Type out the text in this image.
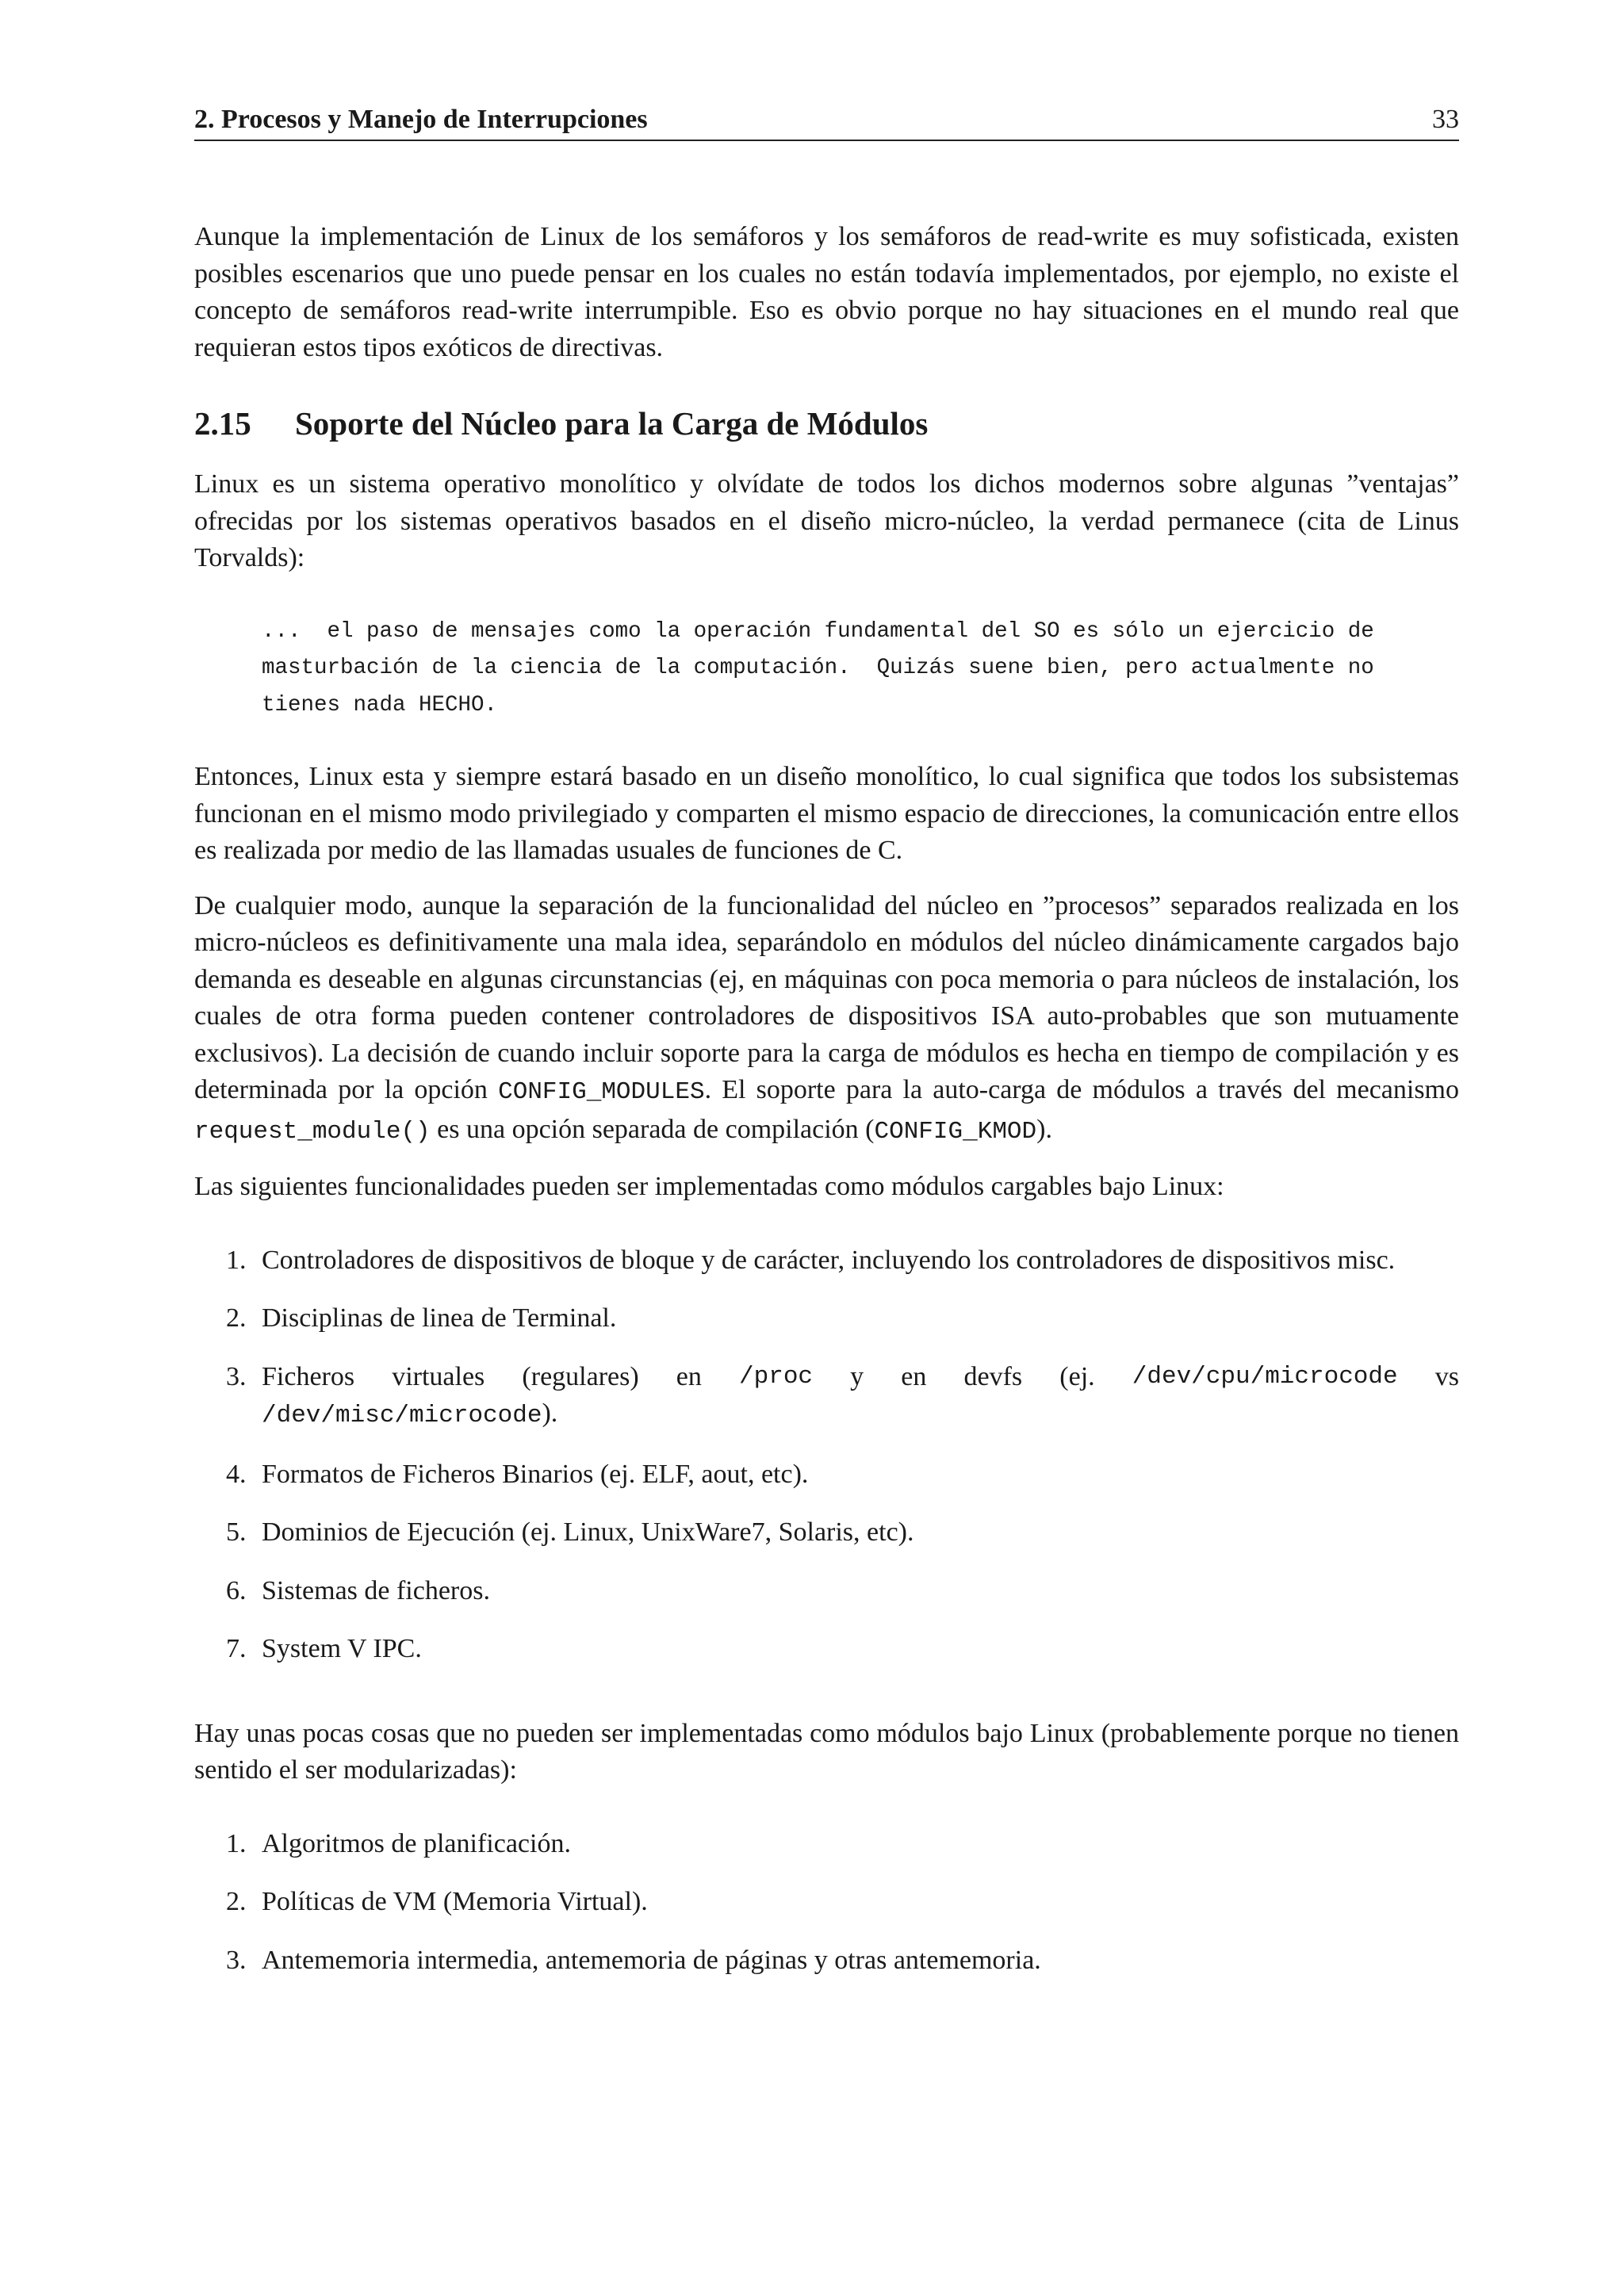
2. Procesos y Manejo de Interrupciones	33

Aunque la implementación de Linux de los semáforos y los semáforos de read-write es muy sofisticada, existen posibles escenarios que uno puede pensar en los cuales no están todavía implementados, por ejemplo, no existe el concepto de semáforos read-write interrumpible. Eso es obvio porque no hay situaciones en el mundo real que requieran estos tipos exóticos de directivas.

2.15 Soporte del Núcleo para la Carga de Módulos

Linux es un sistema operativo monolítico y olvídate de todos los dichos modernos sobre algunas ”ventajas” ofrecidas por los sistemas operativos basados en el diseño micro-núcleo, la verdad permanece (cita de Linus Torvalds):

...  el paso de mensajes como la operación fundamental del SO es sólo un ejercicio de
masturbación de la ciencia de la computación.  Quizás suene bien, pero actualmente no
tienes nada HECHO.

Entonces, Linux esta y siempre estará basado en un diseño monolítico, lo cual significa que todos los subsistemas funcionan en el mismo modo privilegiado y comparten el mismo espacio de direcciones, la comunicación entre ellos es realizada por medio de las llamadas usuales de funciones de C.

De cualquier modo, aunque la separación de la funcionalidad del núcleo en ”procesos” separados realizada en los micro-núcleos es definitivamente una mala idea, separándolo en módulos del núcleo dinámicamente cargados bajo demanda es deseable en algunas circunstancias (ej, en máquinas con poca memoria o para núcleos de instalación, los cuales de otra forma pueden contener controladores de dispositivos ISA auto-probables que son mutuamente exclusivos). La decisión de cuando incluir soporte para la carga de módulos es hecha en tiempo de compilación y es determinada por la opción CONFIG_MODULES. El soporte para la auto-carga de módulos a través del mecanismo request_module() es una opción separada de compilación (CONFIG_KMOD).

Las siguientes funcionalidades pueden ser implementadas como módulos cargables bajo Linux:

1. Controladores de dispositivos de bloque y de carácter, incluyendo los controladores de dispositivos misc.
2. Disciplinas de linea de Terminal.
3. Ficheros virtuales (regulares) en /proc y en devfs (ej. /dev/cpu/microcode vs
/dev/misc/microcode).
4. Formatos de Ficheros Binarios (ej. ELF, aout, etc).
5. Dominios de Ejecución (ej. Linux, UnixWare7, Solaris, etc).
6. Sistemas de ficheros.
7. System V IPC.

Hay unas pocas cosas que no pueden ser implementadas como módulos bajo Linux (probablemente porque no tienen sentido el ser modularizadas):

1. Algoritmos de planificación.
2. Políticas de VM (Memoria Virtual).
3. Antememoria intermedia, antememoria de páginas y otras antememoria.
